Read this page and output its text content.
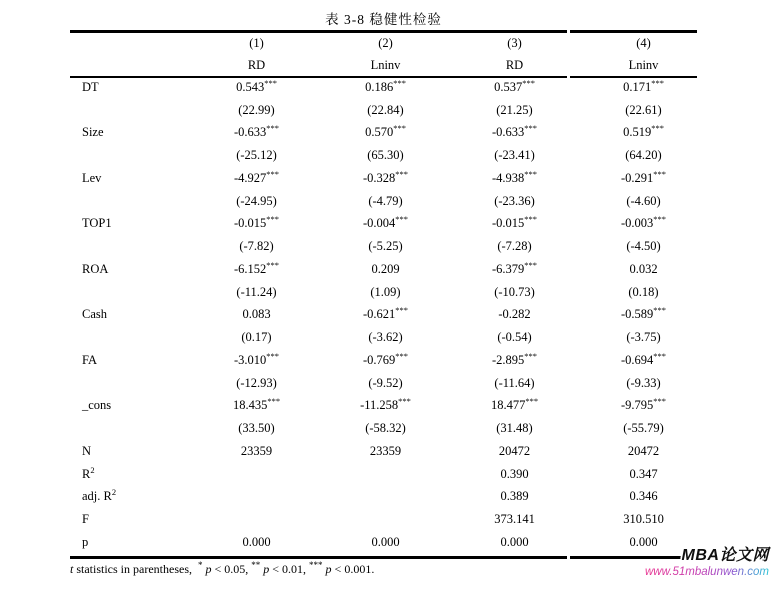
表 3-8 稳健性检验
	(1)	(2)	(3)	(4)
	RD	Lninv	RD	Lninv
DT	0.543***	0.186***	0.537***	0.171***
	(22.99)	(22.84)	(21.25)	(22.61)
Size	-0.633***	0.570***	-0.633***	0.519***
	(-25.12)	(65.30)	(-23.41)	(64.20)
Lev	-4.927***	-0.328***	-4.938***	-0.291***
	(-24.95)	(-4.79)	(-23.36)	(-4.60)
TOP1	-0.015***	-0.004***	-0.015***	-0.003***
	(-7.82)	(-5.25)	(-7.28)	(-4.50)
ROA	-6.152***	0.209	-6.379***	0.032
	(-11.24)	(1.09)	(-10.73)	(0.18)
Cash	0.083	-0.621***	-0.282	-0.589***
	(0.17)	(-3.62)	(-0.54)	(-3.75)
FA	-3.010***	-0.769***	-2.895***	-0.694***
	(-12.93)	(-9.52)	(-11.64)	(-9.33)
_cons	18.435***	-11.258***	18.477***	-9.795***
	(33.50)	(-58.32)	(31.48)	(-55.79)
N	23359	23359	20472	20472
$R^2$			0.390	0.347
adj. $R^2$			0.389	0.346
F			373.141	310.510
p	0.000	0.000	0.000	0.000
t statistics in parentheses,  * p < 0.05, ** p < 0.01, *** p < 0.001.
MBA论文网
www.51mbalunwen.com
